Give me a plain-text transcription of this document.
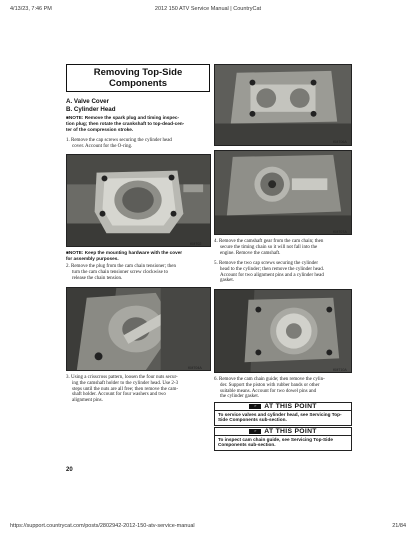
4/13/23, 7:46 PM	2012 150 ATV Service Manual | CountryCat
https://support.countrycat.com/posts/2802942-2012-150-atv-service-manual	21/84
Removing Top-Side
Components
A. Valve Cover
B. Cylinder Head
■NOTE: Remove the spark plug and timing inspec-
tion plug; then rotate the crankshaft to top-dead-cen-
ter of the compression stroke.
1. Remove the cap screws securing the cylinder head
cover. Account for the O-ring.
KM702
■NOTE: Keep the mounting hardware with the cover
for assembly purposes.
2. Remove the plug from the cam chain tensioner; then
turn the cam chain tensioner screw clockwise to
release the chain tension.
KM704A
3. Using a crisscross pattern, loosen the four nuts secur-
ing the camshaft holder to the cylinder head. Use 2-3
steps until the nuts are all free; then remove the cam-
shaft holder. Account for four washers and two
alignment pins.
KM706A
KM707A
4. Remove the camshaft gear from the cam chain; then
secure the timing chain so it will not fall into the
engine. Remove the camshaft.
5. Remove the two cap screws securing the cylinder
head to the cylinder; then remove the cylinder head.
Account for two alignment pins and a cylinder head
gasket.
KM710A
6. Remove the cam chain guide; then remove the cylin-
der. Support the piston with rubber bands or other
suitable means. Account for two dowel pins and
the cylinder gasket.
☞	AT THIS POINT
To service valves and cylinder head, see Servicing Top-
Side Components sub-section.
☞	AT THIS POINT
To inspect cam chain guide, see Servicing Top-Side
Components sub-section.
20
